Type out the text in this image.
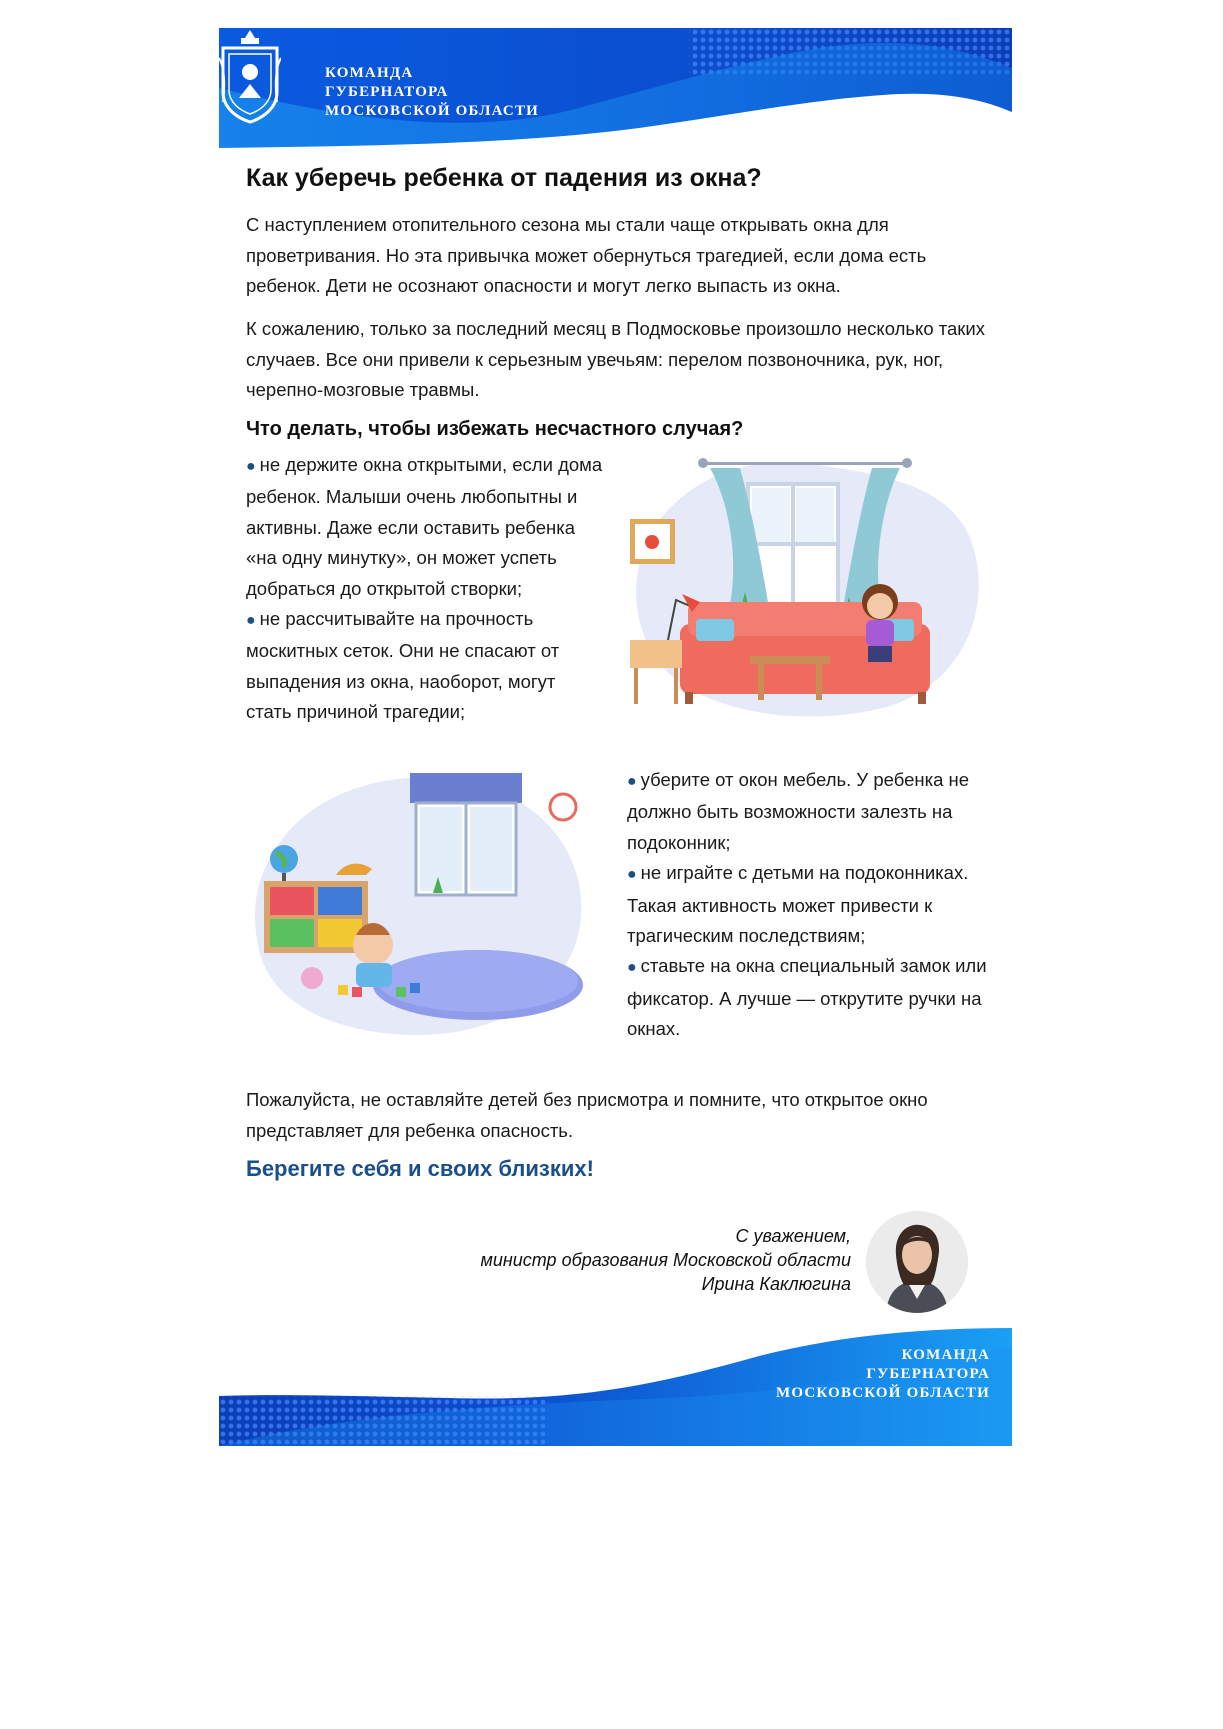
КОМАНДА
ГУБЕРНАТОРА
МОСКОВСКОЙ ОБЛАСТИ
Как уберечь ребенка от падения из окна?

С наступлением отопительного сезона мы стали чаще открывать окна для проветривания. Но эта привычка может обернуться трагедией, если дома есть ребенок. Дети не осознают опасности и могут легко выпасть из окна.

К сожалению, только за последний месяц в Подмосковье произошло несколько таких случаев. Все они привели к серьезным увечьям: перелом позвоночника, рук, ног, черепно-мозговые травмы.

Что делать, чтобы избежать несчастного случая?

● не держите окна открытыми, если дома ребенок. Малыши очень любопытны и активны. Даже если оставить ребенка «на одну минутку», он может успеть добраться до открытой створки;

● не рассчитывайте на прочность москитных сеток. Они не спасают от выпадения из окна, наоборот, могут стать причиной трагедии;

● уберите от окон мебель. У ребенка не должно быть возможности залезть на подоконник;

● не играйте с детьми на подоконниках. Такая активность может привести к трагическим последствиям;

● ставьте на окна специальный замок или фиксатор. А лучше — открутите ручки на окнах.

Пожалуйста, не оставляйте детей без присмотра и помните, что открытое окно представляет для ребенка опасность.

Берегите себя и своих близких!
С уважением,
министр образования Московской области
Ирина Каклюгина
КОМАНДА
ГУБЕРНАТОРА
МОСКОВСКОЙ ОБЛАСТИ
